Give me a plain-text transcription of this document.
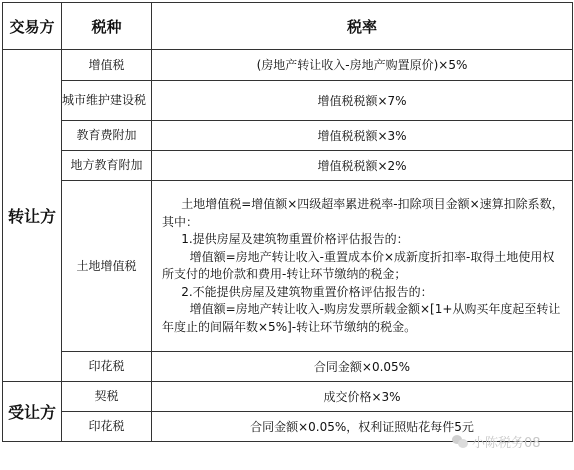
交易方	税种	税率
转让方	增值税	(房地产转让收入-房地产购置原价)×5%
	城市维护建设税	增值税税额×7%
	教育费附加	增值税税额×3%
	地方教育附加	增值税税额×2%
	土地增值税	土地增值税=增值额×四级超率累进税率-扣除项目金额×速算扣除系数，其中：

1.提供房屋及建筑物重置价格评估报告的：

增值额=房地产转让收入-重置成本价×成新度折扣率-取得土地使用权所支付的地价款和费用-转让环节缴纳的税金；

2.不能提供房屋及建筑物重置价格评估报告的：

增值额=房地产转让收入-购房发票所载金额×[1+从购买年度起至转让年度止的间隔年数×5%]-转让环节缴纳的税金。

	印花税	合同金额×0.05%
受让方	契税	成交价格×3%
	印花税	合同金额×0.05%，权利证照贴花每件5元
小陈税务08
